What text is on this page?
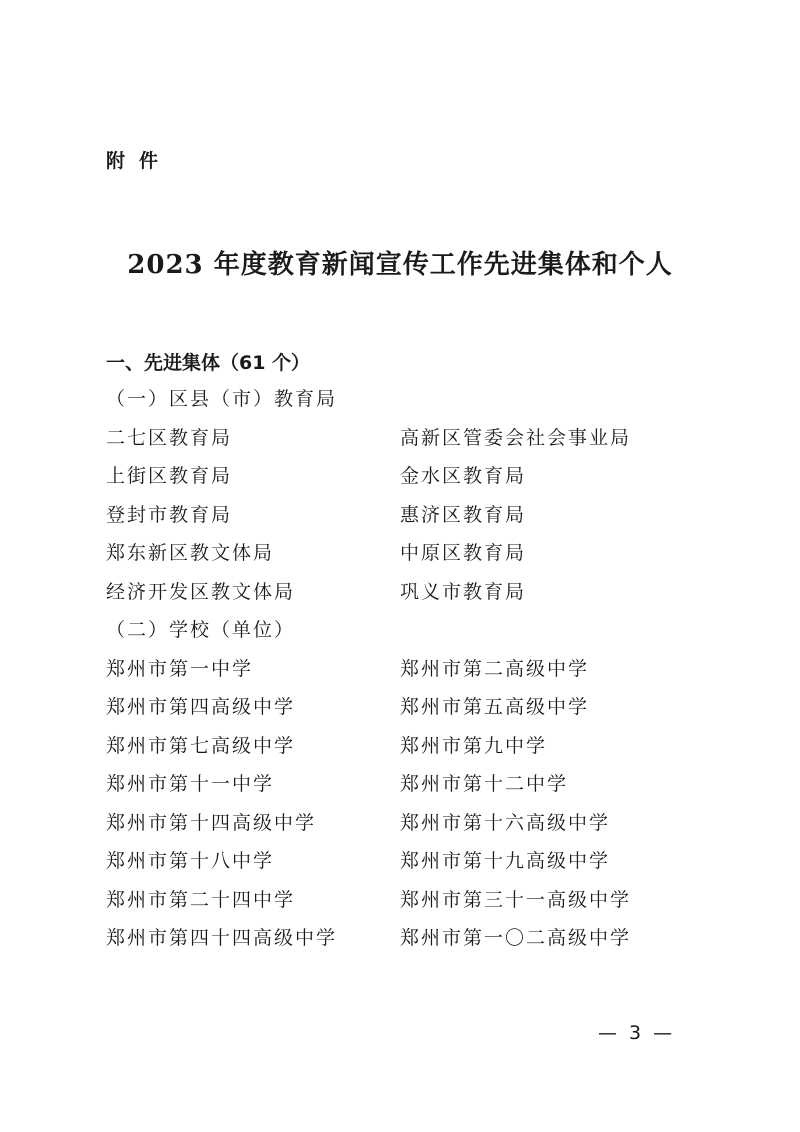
附件
2023 年度教育新闻宣传工作先进集体和个人
一、先进集体（61 个）
（一）区县（市）教育局
二七区教育局	高新区管委会社会事业局
上街区教育局	金水区教育局
登封市教育局	惠济区教育局
郑东新区教文体局	中原区教育局
经济开发区教文体局	巩义市教育局
（二）学校（单位）
郑州市第一中学	郑州市第二高级中学
郑州市第四高级中学	郑州市第五高级中学
郑州市第七高级中学	郑州市第九中学
郑州市第十一中学	郑州市第十二中学
郑州市第十四高级中学	郑州市第十六高级中学
郑州市第十八中学	郑州市第十九高级中学
郑州市第二十四中学	郑州市第三十一高级中学
郑州市第四十四高级中学	郑州市第一〇二高级中学
— 3 —
